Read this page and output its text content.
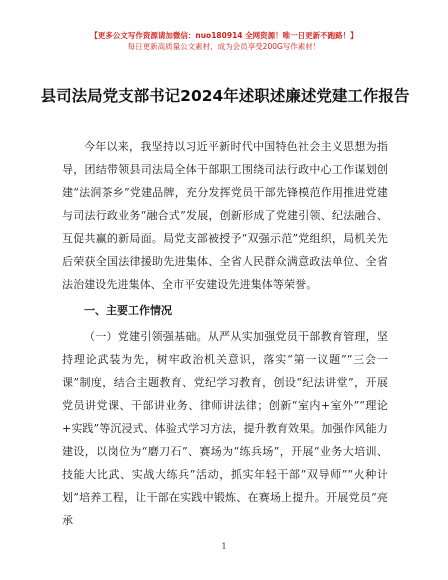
【更多公文写作资源请加微信：nuo180914 全网资源！唯一日更新不跑路！】
每日更新高质量公文素材，成为会员享受200G写作素材！
县司法局党支部书记2024年述职述廉述党建工作报告

今年以来，我坚持以习近平新时代中国特色社会主义思想为指导，团结带领县司法局全体干部职工围绕司法行政中心工作谋划创建“法润茶乡”党建品牌，充分发挥党员干部先锋模范作用推进党建与司法行政业务“融合式”发展，创新形成了党建引领、纪法融合、互促共赢的新局面。局党支部被授予“双强示范”党组织，局机关先后荣获全国法律援助先进集体、全省人民群众满意政法单位、全省法治建设先进集体、全市平安建设先进集体等荣誉。

一、主要工作情况

（一）党建引领强基础。从严从实加强党员干部教育管理，坚持理论武装为先，树牢政治机关意识，落实“第一议题”“三会一课”制度，结合主题教育、党纪学习教育，创设“纪法讲堂”，开展党员讲党课、干部讲业务、律师讲法律；创新“室内+室外”“理论+实践”等沉浸式、体验式学习方法，提升教育效果。加强作风能力建设，以岗位为“磨刀石”、赛场为“练兵场”，开展“业务大培训、技能大比武、实战大练兵”活动，抓实年轻干部“双导师”“火种计划”培养工程，让干部在实践中锻炼、在赛场上提升。开展党员“亮承

1
